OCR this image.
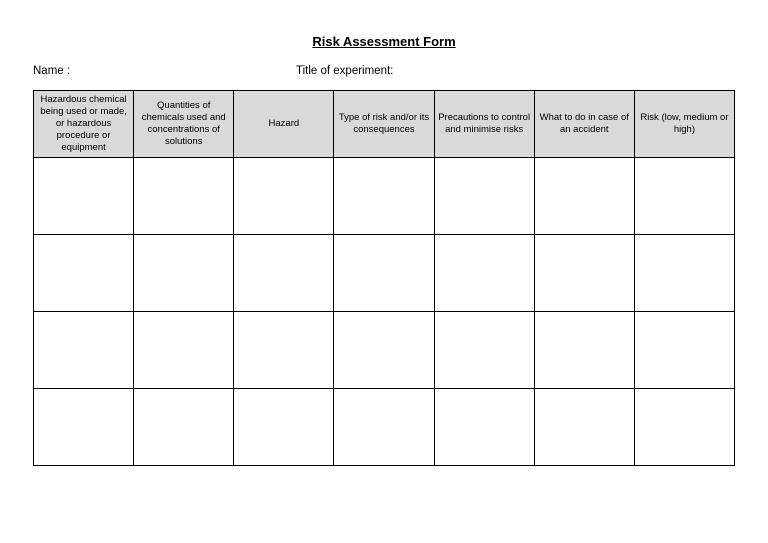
Risk Assessment Form
Name :	Title of experiment:
Hazardous chemical being used or made, or hazardous procedure or equipment	Quantities of chemicals used and concentrations of solutions	Hazard	Type of risk and/or its consequences	Precautions to control and minimise risks	What to do in case of an accident	Risk (low, medium or high)
